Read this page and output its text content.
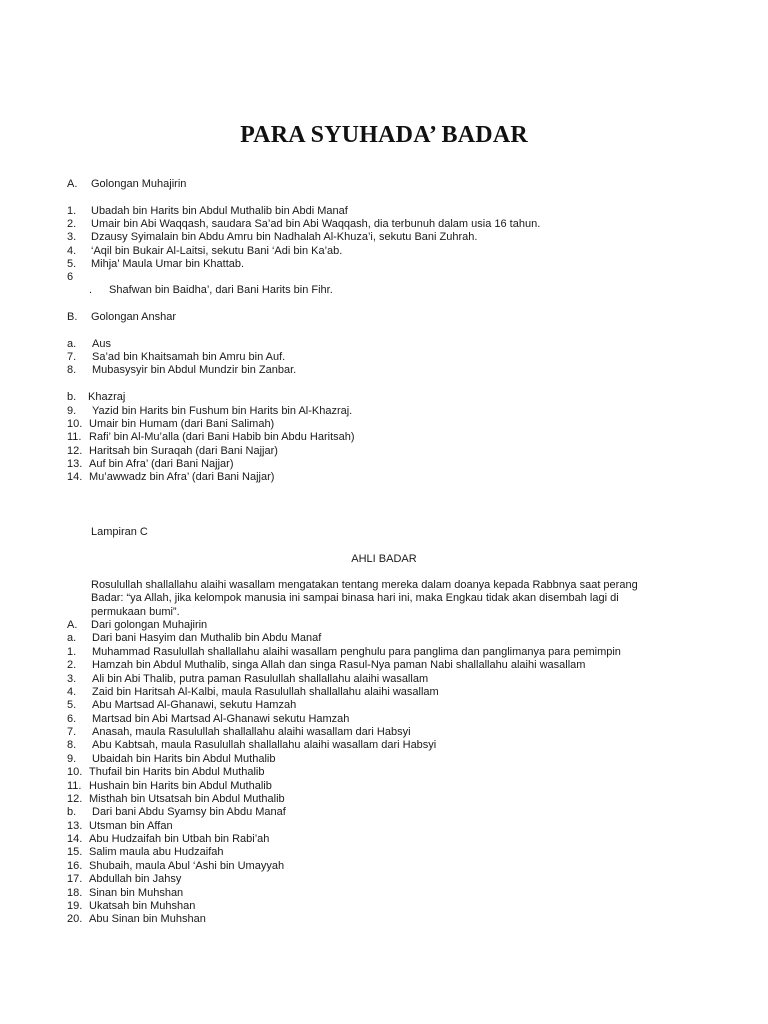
PARA SYUHADA’ BADAR
A. Golongan Muhajirin
1. Ubadah bin Harits bin Abdul Muthalib bin Abdi Manaf
2. Umair bin Abi Waqqash, saudara Sa’ad bin Abi Waqqash, dia terbunuh dalam usia 16 tahun.
3. Dzausy Syimalain bin Abdu Amru bin Nadhalah Al-Khuza’i, sekutu Bani Zuhrah.
4. ‘Aqil bin Bukair Al-Laitsi, sekutu Bani ‘Adi bin Ka’ab.
5. Mihja’ Maula Umar bin Khattab.
6
. Shafwan bin Baidha’, dari Bani Harits bin Fihr.
B. Golongan Anshar
a. Aus
7. Sa’ad bin Khaitsamah bin Amru bin Auf.
8. Mubasysyir bin Abdul Mundzir bin Zanbar.
b. Khazraj
9. Yazid bin Harits bin Fushum bin Harits bin Al-Khazraj.
10. Umair bin Humam (dari Bani Salimah)
11. Rafi’ bin Al-Mu’alla (dari Bani Habib bin Abdu Haritsah)
12. Haritsah bin Suraqah (dari Bani Najjar)
13. Auf bin Afra’ (dari Bani Najjar)
14. Mu’awwadz bin Afra’ (dari Bani Najjar)
Lampiran C
AHLI BADAR
Rosulullah shallallahu alaihi wasallam mengatakan tentang mereka dalam doanya kepada Rabbnya saat perang Badar: “ya Allah, jika kelompok manusia ini sampai binasa hari ini, maka Engkau tidak akan disembah lagi di permukaan bumi”.
A. Dari golongan Muhajirin
a. Dari bani Hasyim dan Muthalib bin Abdu Manaf
1. Muhammad Rasulullah shallallahu alaihi wasallam penghulu para panglima dan panglimanya para pemimpin
2. Hamzah bin Abdul Muthalib, singa Allah dan singa Rasul-Nya paman Nabi shallallahu alaihi wasallam
3. Ali bin Abi Thalib, putra paman Rasulullah shallallahu alaihi wasallam
4. Zaid bin Haritsah Al-Kalbi, maula Rasulullah shallallahu alaihi wasallam
5. Abu Martsad Al-Ghanawi, sekutu Hamzah
6. Martsad bin Abi Martsad Al-Ghanawi sekutu Hamzah
7. Anasah, maula Rasulullah shallallahu alaihi wasallam dari Habsyi
8. Abu Kabtsah, maula Rasulullah shallallahu alaihi wasallam dari Habsyi
9. Ubaidah bin Harits bin Abdul Muthalib
10. Thufail bin Harits bin Abdul Muthalib
11. Hushain bin Harits bin Abdul Muthalib
12. Misthah bin Utsatsah bin Abdul Muthalib
b. Dari bani Abdu Syamsy bin Abdu Manaf
13. Utsman bin Affan
14. Abu Hudzaifah bin Utbah bin Rabi’ah
15. Salim maula abu Hudzaifah
16. Shubaih, maula Abul ‘Ashi bin Umayyah
17. Abdullah bin Jahsy
18. Sinan bin Muhshan
19. Ukatsah bin Muhshan
20. Abu Sinan bin Muhshan
